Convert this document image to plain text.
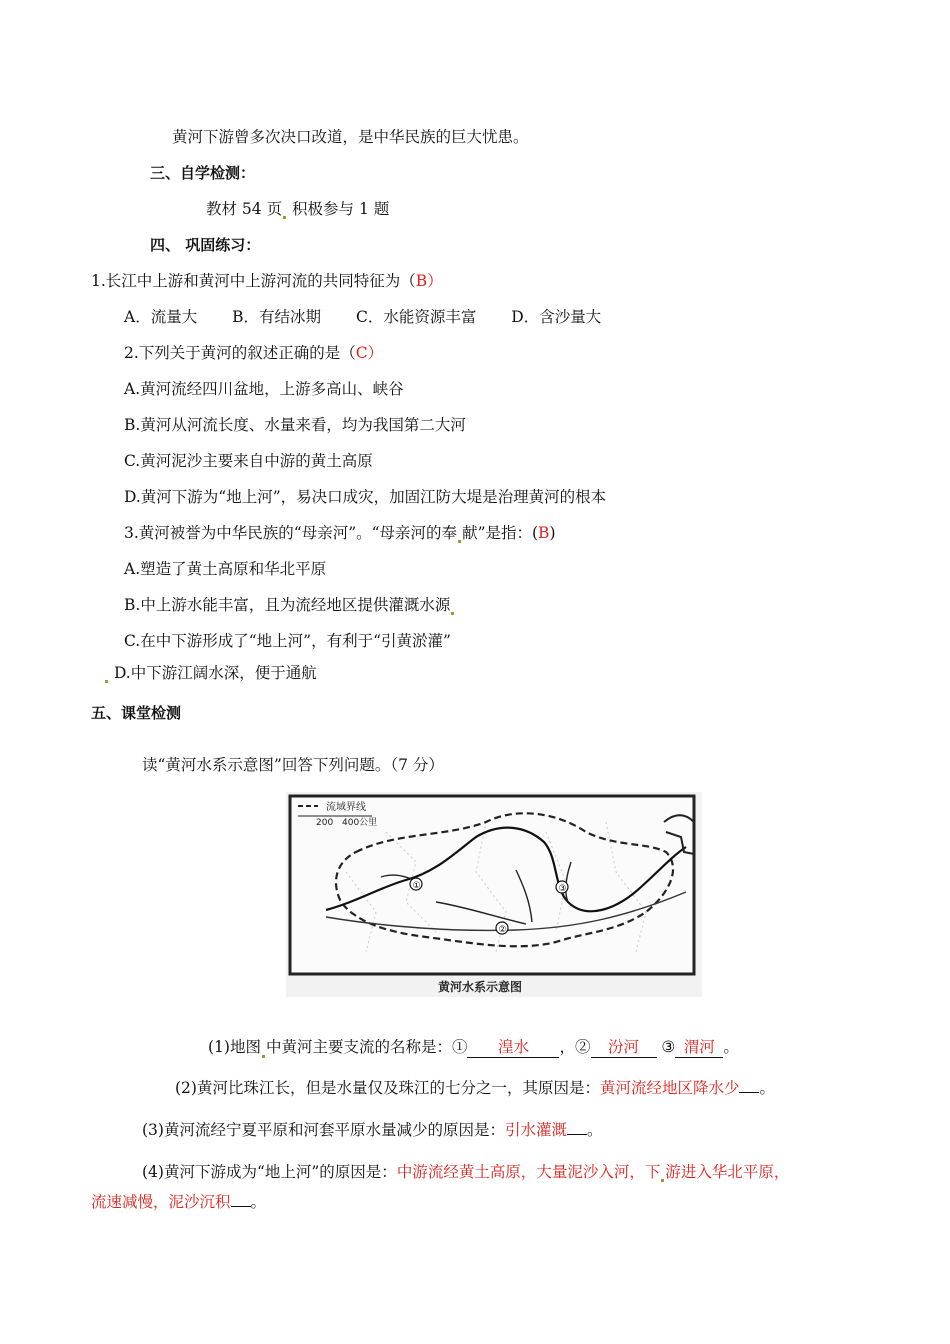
黄河下游曾多次决口改道，是中华民族的巨大忧患。
三、自学检测：
教材 54 页 积极参与 1 题
四、 巩固练习：
1.长江中上游和黄河中上游河流的共同特征为（B）
A．流量大 B．有结冰期 C．水能资源丰富 D．含沙量大
2.下列关于黄河的叙述正确的是（C）
A.黄河流经四川盆地，上游多高山、峡谷
B.黄河从河流长度、水量来看，均为我国第二大河
C.黄河泥沙主要来自中游的黄土高原
D.黄河下游为“地上河”，易决口成灾，加固江防大堤是治理黄河的根本
3.黄河被誉为中华民族的“母亲河”。“母亲河的奉 献”是指：(B)
A.塑造了黄土高原和华北平原
B.中上游水能丰富，且为流经地区提供灌溉水源
C.在中下游形成了“地上河”，有利于“引黄淤灌”
D.中下游江阔水深，便于通航
五、课堂检测
读“黄河水系示意图”回答下列问题。（7 分）
流域界线
200 400公里
①
②
③
黄河水系示意图
(1)地图 中黄河主要支流的名称是：① 湟水 ，② 汾河 ③ 渭河 。
(2)黄河比珠江长，但是水量仅及珠江的七分之一，其原因是：黄河流经地区降水少 。
(3)黄河流经宁夏平原和河套平原水量减少的原因是：引水灌溉 。
(4)黄河下游成为“地上河”的原因是：中游流经黄土高原，大量泥沙入河，下 游进入华北平原，
流速减慢，泥沙沉积 。
